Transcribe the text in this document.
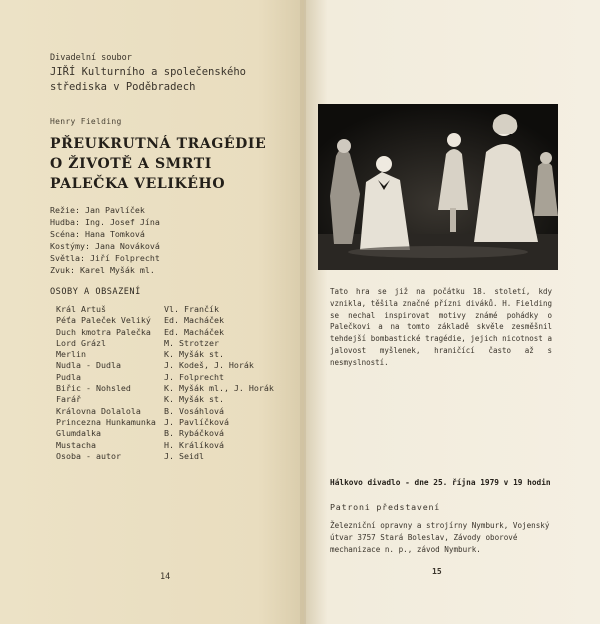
Divadelní soubor
JIŘÍ Kulturního a společenského
střediska v Poděbradech
Henry Fielding
PŘEUKRUTNÁ TRAGÉDIE
O ŽIVOTĚ A SMRTI
PALEČKA VELIKÉHO
Režie: Jan Pavlíček
Hudba: Ing. Josef Jína
Scéna: Hana Tomková
Kostýmy: Jana Nováková
Světla: Jiří Folprecht
Zvuk: Karel Myšák ml.
OSOBY A OBSAZENÍ
Král Artuš	Vl. Frančík
Péťa Paleček Veliký	Ed. Macháček
Duch kmotra Palečka	Ed. Macháček
Lord Grázl	M. Strotzer
Merlin	K. Myšák st.
Nudla - Dudla	J. Kodeš, J. Horák
Pudla	J. Folprecht
Biřic - Nohsled	K. Myšák ml., J. Horák
Farář	K. Myšák st.
Královna Dolalola	B. Vosáhlová
Princezna Hunkamunka J. Pavlíčková
Glumdalka	B. Rybáčková
Mustacha	H. Králíková
Osoba - autor	J. Seidl
14
Tato hra se již na počátku 18. století, kdy vznikla, těšila značné přízni diváků. H. Fielding se nechal inspirovat motivy známé pohádky o Palečkovi a na tomto základě skvěle zesměšnil tehdejší bombastické tragédie, jejich nicotnost a jalovost myšlenek, hraničící často až s nesmyslností.
Hálkovo divadlo - dne 25. října 1979 v 19 hodin
Patroni představení
Železniční opravny a strojírny Nymburk, Vojenský útvar 3757 Stará Boleslav, Závody oborové mechanizace n. p., závod Nymburk.
15
